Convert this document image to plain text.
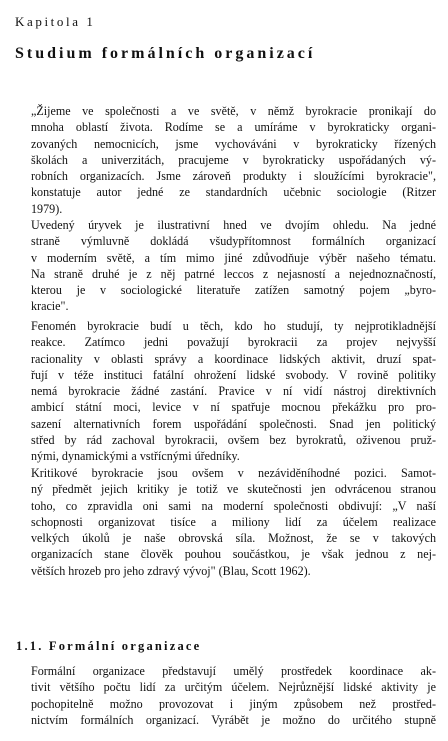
Kapitola 1
Studium formálních organizací

„Žijeme ve společnosti a ve světě, v němž byrokracie pronikají do
mnoha oblastí života. Rodíme se a umíráme v byrokraticky organi-
zovaných nemocnicích, jsme vychováváni v byrokraticky řízených
školách a univerzitách, pracujeme v byrokraticky uspořádaných vý-
robních organizacích. Jsme zároveň produkty i sloužícími byrokracie",
konstatuje autor jedné ze standardních učebnic sociologie (Ritzer
1979).

Uvedený úryvek je ilustrativní hned ve dvojím ohledu. Na jedné
straně výmluvně dokládá všudypřítomnost formálních organizací
v moderním světě, a tím mimo jiné zdůvodňuje výběr našeho tématu.
Na straně druhé je z něj patrné leccos z nejasností a nejednoznačností,
kterou je v sociologické literatuře zatížen samotný pojem „byro-
kracie".

Fenomén byrokracie budí u těch, kdo ho studují, ty nejprotikladnější
reakce. Zatímco jedni považují byrokracii za projev nejvyšší
racionality v oblasti správy a koordinace lidských aktivit, druzí spat-
řují v téže instituci fatální ohrožení lidské svobody. V rovině politiky
nemá byrokracie žádné zastání. Pravice v ní vidí nástroj direktivních
ambicí státní moci, levice v ní spatřuje mocnou překážku pro pro-
sazení alternativních forem uspořádání společnosti. Snad jen politický
střed by rád zachoval byrokracii, ovšem bez byrokratů, oživenou pruž-
nými, dynamickými a vstřícnými úředníky.

Kritikové byrokracie jsou ovšem v nezáviděníhodné pozici. Samot-
ný předmět jejich kritiky je totiž ve skutečnosti jen odvrácenou stranou
toho, co zpravidla oni sami na moderní společnosti obdivují: „V naší
schopnosti organizovat tisíce a miliony lidí za účelem realizace
velkých úkolů je naše obrovská síla. Možnost, že se v takových
organizacích stane člověk pouhou součástkou, je však jednou z nej-
větších hrozeb pro jeho zdravý vývoj" (Blau, Scott 1962).

1.1. Formální organizace

Formální organizace představují umělý prostředek koordinace ak-
tivit většího počtu lidí za určitým účelem. Nejrůznější lidské aktivity je
pochopitelně možno provozovat i jiným způsobem než prostřed-
nictvím formálních organizací. Vyrábět je možno do určitého stupně
